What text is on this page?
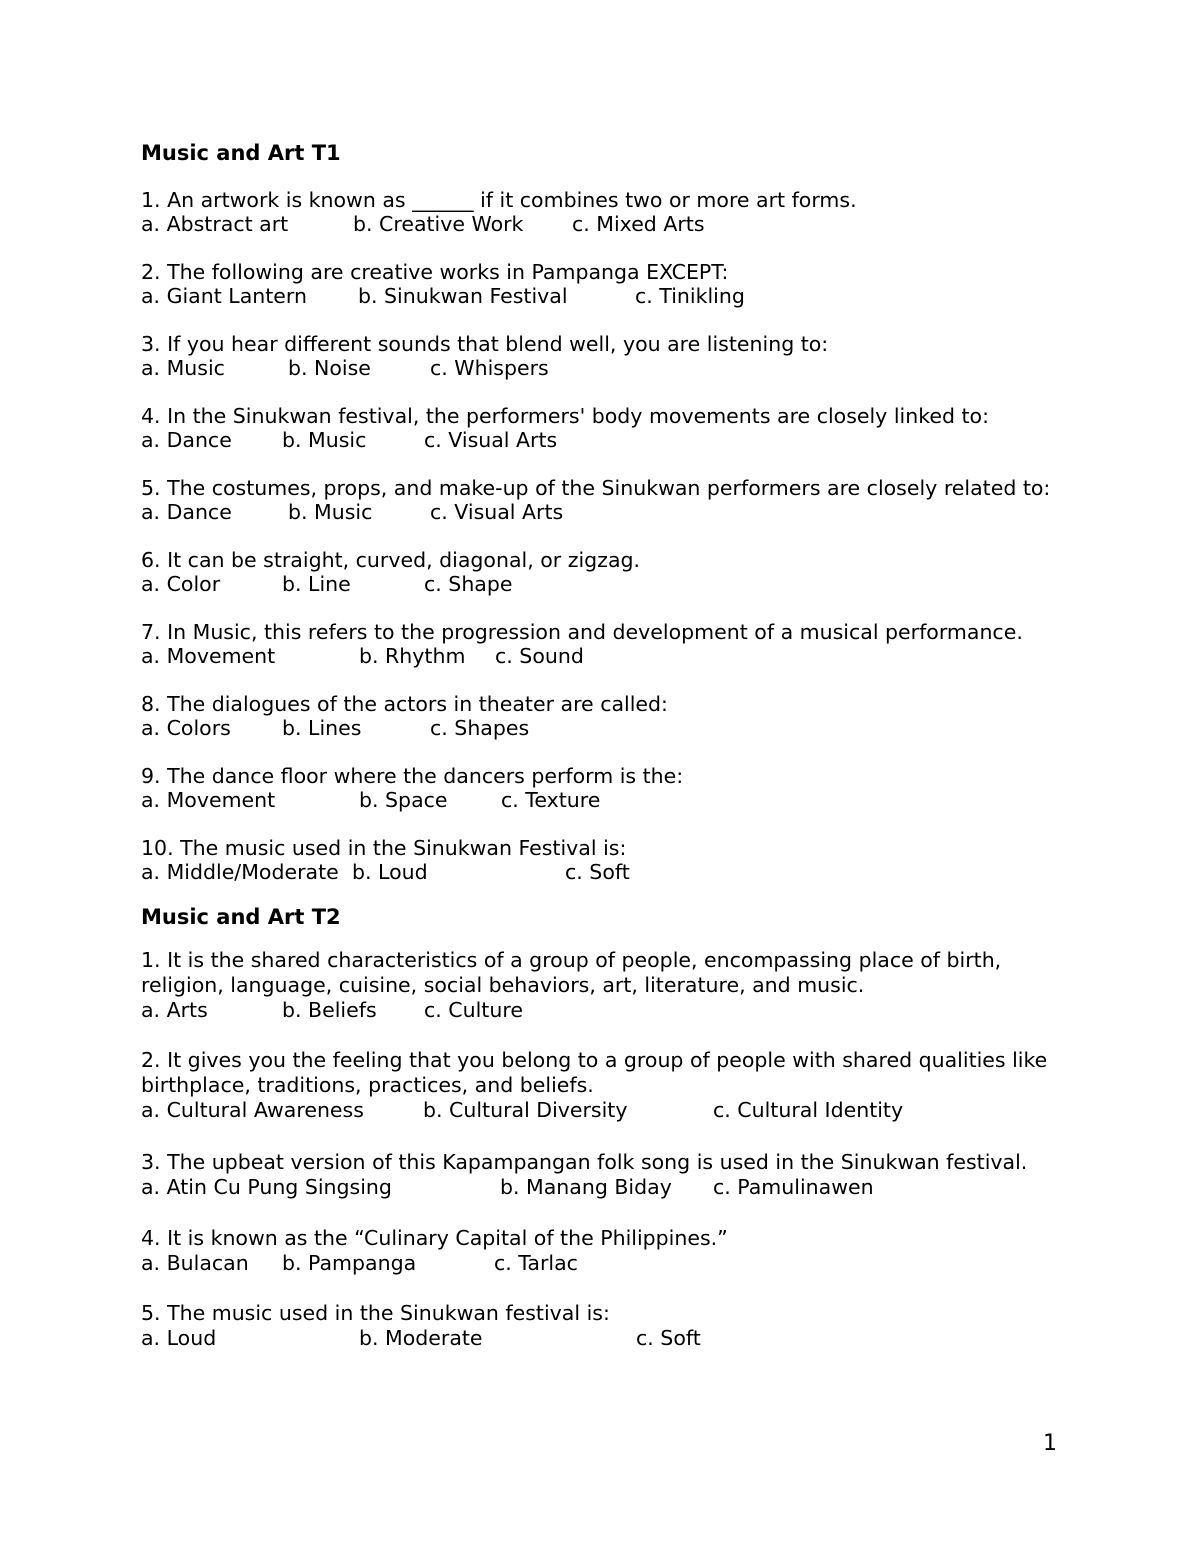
Music and Art T1
1. An artwork is known as ______ if it combines two or more art forms.
a. Abstract art	b. Creative Work	c. Mixed Arts
2. The following are creative works in Pampanga EXCEPT:
a. Giant Lantern	b. Sinukwan Festival	c. Tinikling
3. If you hear different sounds that blend well, you are listening to:
a. Music	b. Noise	c. Whispers
4. In the Sinukwan festival, the performers' body movements are closely linked to:
a. Dance	b. Music	c. Visual Arts
5. The costumes, props, and make-up of the Sinukwan performers are closely related to:
a. Dance	b. Music	c. Visual Arts
6. It can be straight, curved, diagonal, or zigzag.
a. Color	b. Line	c. Shape
7. In Music, this refers to the progression and development of a musical performance.
a. Movement	b. Rhythm	c. Sound
8. The dialogues of the actors in theater are called:
a. Colors	b. Lines	c. Shapes
9. The dance floor where the dancers perform is the:
a. Movement	b. Space	c. Texture
10. The music used in the Sinukwan Festival is:
a. Middle/Moderate b. Loud	c. Soft
Music and Art T2
1. It is the shared characteristics of a group of people, encompassing place of birth, religion, language, cuisine, social behaviors, art, literature, and music.
a. Arts	b. Beliefs	c. Culture
2. It gives you the feeling that you belong to a group of people with shared qualities like birthplace, traditions, practices, and beliefs.
a. Cultural Awareness	b. Cultural Diversity	c. Cultural Identity
3. The upbeat version of this Kapampangan folk song is used in the Sinukwan festival.
a. Atin Cu Pung Singsing	b. Manang Biday	c. Pamulinawen
4. It is known as the “Culinary Capital of the Philippines.”
a. Bulacan	b. Pampanga	c. Tarlac
5. The music used in the Sinukwan festival is:
a. Loud	b. Moderate	c. Soft
1
